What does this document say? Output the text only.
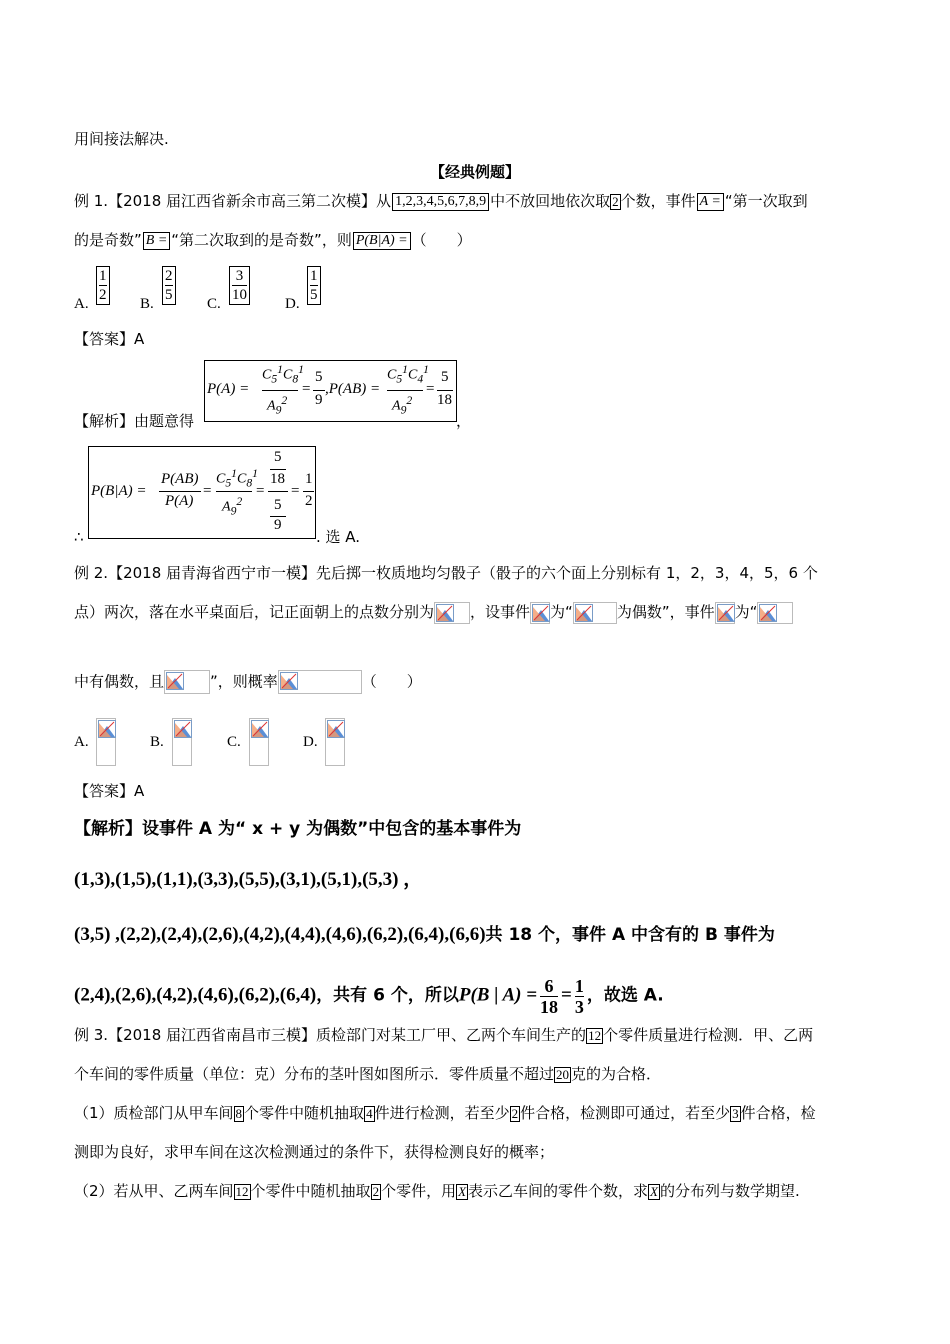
用间接法解决.
【经典例题】
例 1.【2018 届江西省新余市高三第二次模】从 1,2,3,4,5,6,7,8,9 中不放回地依次取 2 个数，事件 A = “第一次取到
的是奇数” B = “第二次取到的是奇数”，则 P(B|A) = （　　）
A. $\frac{1}{2} B$. $\frac{2}{5} C$. $\frac{3}{10} D$. $\frac{1}{5}$
【答案】A
【解析】由题意得
P(A) =
$C_5^1C_8^1$
$A_9^2$
=
5
9
,P(AB) =
$C_5^1C_4^1$
$A_9^2$
=
5
18
，
P(B|A) =
P(AB)
P(A)
=
$C_5^1C_8^1$
$A_9^2$
=
5
18
5
9
=
1
2
∴	. 选 A.
例 2.【2018 届青海省西宁市一模】先后掷一枚质地均匀骰子（骰子的六个面上分别标有 1，2，3，4，5，6 个
点）两次，落在水平桌面后，记正面朝上的点数分别为 ，设事件 为“	为偶数”，事件 为“
中有偶数，且	”，则概率	（　　）
A.	B.	C.	D.
【答案】A
【解析】设事件 A 为“ x + y 为偶数”中包含的基本事件为
(1,3),(1,5),(1,1),(3,3),(5,5),(3,1),(5,1),(5,3) ，
(3,5) ,(2,2),(2,4),(2,6),(4,2),(4,4),(4,6),(6,2),(6,4),(6,6)共 18 个，事件 A 中含有的 B 事件为
(2,4),(2,6),(4,2),(4,6),(6,2),(6,4)，共有 6 个，所以P(B | $A) = \frac{6}{18} = \frac{1}{3}$ ，故选 A.
例 3.【2018 届江西省南昌市三模】质检部门对某工厂甲、乙两个车间生产的 12 个零件质量进行检测．甲、乙两
个车间的零件质量（单位：克）分布的茎叶图如图所示．零件质量不超过 20 克的为合格．
（1）质检部门从甲车间 8 个零件中随机抽取 4 件进行检测，若至少 2 件合格，检测即可通过，若至少 3 件合格，检
测即为良好，求甲车间在这次检测通过的条件下，获得检测良好的概率；
（2）若从甲、乙两车间 12 个零件中随机抽取 2 个零件，用 X 表示乙车间的零件个数，求 X 的分布列与数学期望.
